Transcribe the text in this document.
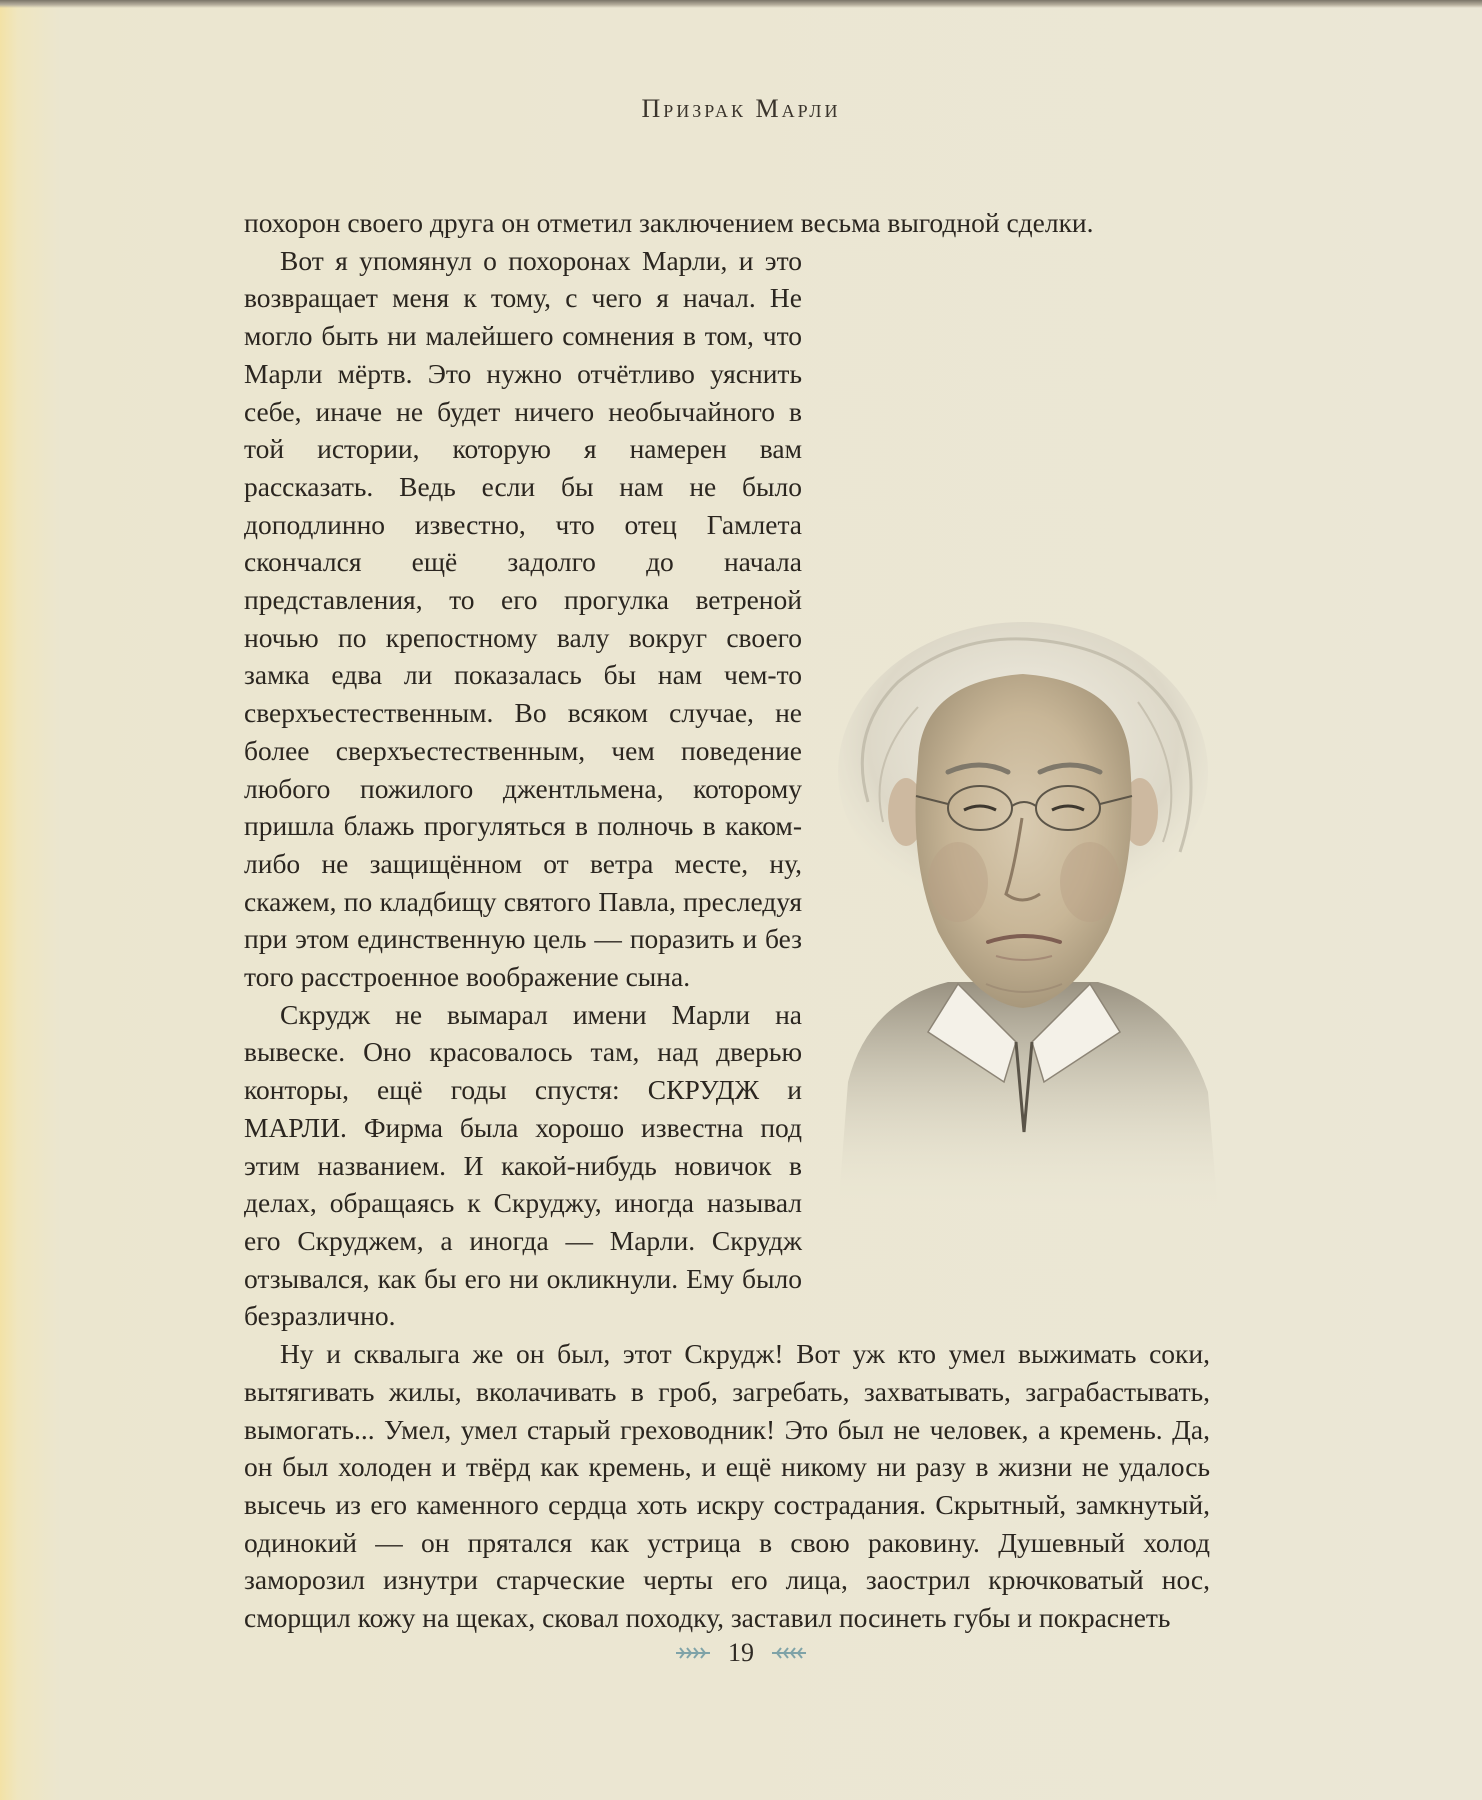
Призрак Марли

похорон своего друга он отметил заключением весьма выгодной сделки.

Вот я упомянул о похоронах Марли, и это возвращает меня к тому, с чего я начал. Не могло быть ни малейшего сомнения в том, что Марли мёртв. Это нужно отчётливо уяснить себе, иначе не будет ничего необычайного в той истории, которую я намерен вам рассказать. Ведь если бы нам не было доподлинно известно, что отец Гамлета скончался ещё задолго до начала представления, то его прогулка ветреной ночью по крепостному валу вокруг своего замка едва ли показалась бы нам чем-то сверхъестественным. Во всяком случае, не более сверхъестественным, чем поведение любого пожилого джентльмена, которому пришла блажь прогуляться в полночь в каком-либо не защищённом от ветра месте, ну, скажем, по кладбищу святого Павла, преследуя при этом единственную цель — поразить и без того расстроенное воображение сына.

Скрудж не вымарал имени Марли на вывеске. Оно красовалось там, над дверью конторы, ещё годы спустя: СКРУДЖ и МАРЛИ. Фирма была хорошо известна под этим названием. И какой-нибудь новичок в делах, обращаясь к Скруджу, иногда называл его Скруджем, а иногда — Марли. Скрудж отзывался, как бы его ни окликнули. Ему было безразлично.

Ну и сквалыга же он был, этот Скрудж! Вот уж кто умел выжимать соки, вытягивать жилы, вколачивать в гроб, загребать, захватывать, заграбастывать, вымогать... Умел, умел старый греховодник! Это был не человек, а кремень. Да, он был холоден и твёрд как кремень, и ещё никому ни разу в жизни не удалось высечь из его каменного сердца хоть искру сострадания. Скрытный, замкнутый, одинокий — он прятался как устрица в свою раковину. Душевный холод заморозил изнутри старческие черты его лица, заострил крючковатый нос, сморщил кожу на щеках, сковал походку, заставил посинеть губы и покраснеть

19
